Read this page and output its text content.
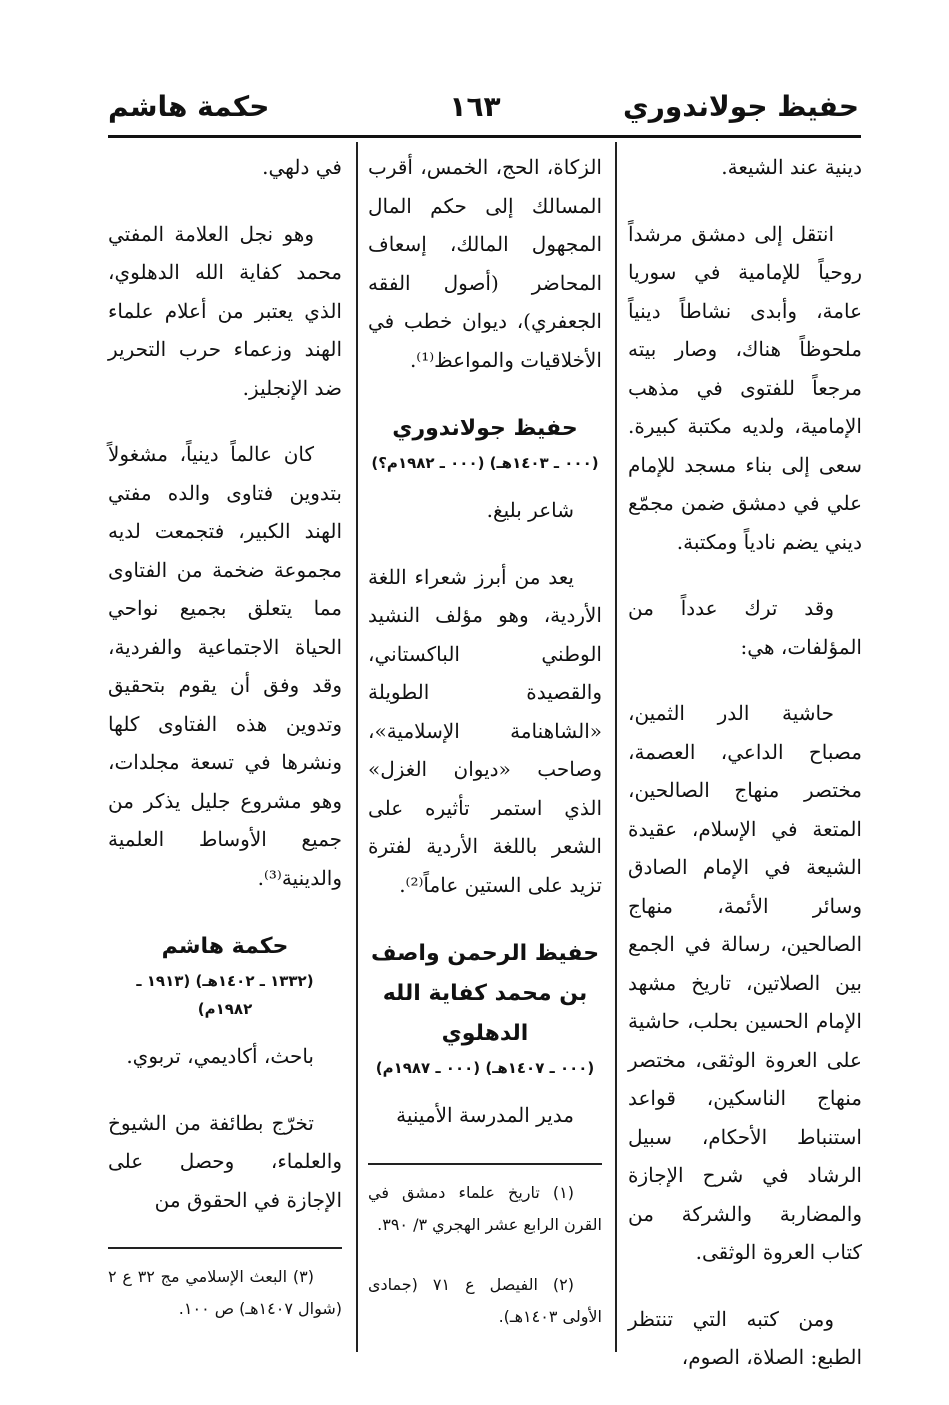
حفيظ جولاندوري
١٦٣
حكمة هاشم

دينية عند الشيعة.

انتقل إلى دمشق مرشداً روحياً للإمامية في سوريا عامة، وأبدى نشاطاً دينياً ملحوظاً هناك، وصار بيته مرجعاً للفتوى في مذهب الإمامية، ولديه مكتبة كبيرة. سعى إلى بناء مسجد للإمام علي في دمشق ضمن مجمّع ديني يضم نادياً ومكتبة.

وقد ترك عدداً من المؤلفات، هي:

حاشية الدر الثمين، مصباح الداعي، العصمة، مختصر منهاج الصالحين، المتعة في الإسلام، عقيدة الشيعة في الإمام الصادق وسائر الأئمة، منهاج الصالحين، رسالة في الجمع بين الصلاتين، تاريخ مشهد الإمام الحسين بحلب، حاشية على العروة الوثقى، مختصر منهاج الناسكين، قواعد استنباط الأحكام، سبيل الرشاد في شرح الإجازة والمضاربة والشركة من كتاب العروة الوثقى.

ومن كتبه التي تنتظر الطبع: الصلاة، الصوم،

الزكاة، الحج، الخمس، أقرب المسالك إلى حكم المال المجهول المالك، إسعاف المحاضر (أصول الفقه الجعفري)، ديوان خطب في الأخلاقيات والمواعظ⁽¹⁾.

حفيظ جولاندوري
(٠٠٠ ـ ١٤٠٣هـ) (٠٠٠ ـ ١٩٨٢م؟)

شاعر بليغ.

يعد من أبرز شعراء اللغة الأردية، وهو مؤلف النشيد الوطني الباكستاني، والقصيدة الطويلة «الشاهنامة الإسلامية»، وصاحب «ديوان الغزل» الذي استمر تأثيره على الشعر باللغة الأردية لفترة تزيد على الستين عاماً⁽²⁾.

حفيظ الرحمن واصف بن محمد كفاية الله الدهلوي
(٠٠٠ ـ ١٤٠٧هـ) (٠٠٠ ـ ١٩٨٧م)

مدير المدرسة الأمينية

(١) تاريخ علماء دمشق في القرن الرابع عشر الهجري ٣/ ٣٩٠.

(٢) الفيصل ع ٧١ (جمادى الأولى ١٤٠٣هـ).

في دلهي.

وهو نجل العلامة المفتي محمد كفاية الله الدهلوي، الذي يعتبر من أعلام علماء الهند وزعماء حرب التحرير ضد الإنجليز.

كان عالماً دينياً، مشغولاً بتدوين فتاوى والده مفتي الهند الكبير، فتجمعت لديه مجموعة ضخمة من الفتاوى مما يتعلق بجميع نواحي الحياة الاجتماعية والفردية، وقد وفق أن يقوم بتحقيق وتدوين هذه الفتاوى كلها ونشرها في تسعة مجلدات، وهو مشروع جليل يذكر من جميع الأوساط العلمية والدينية⁽³⁾.

حكمة هاشم
(١٣٣٢ ـ ١٤٠٢هـ) (١٩١٣ ـ ١٩٨٢م)

باحث، أكاديمي، تربوي.

تخرّج بطائفة من الشيوخ والعلماء، وحصل على الإجازة في الحقوق من

(٣) البعث الإسلامي مج ٣٢ ع ٢ (شوال ١٤٠٧هـ) ص ١٠٠.
